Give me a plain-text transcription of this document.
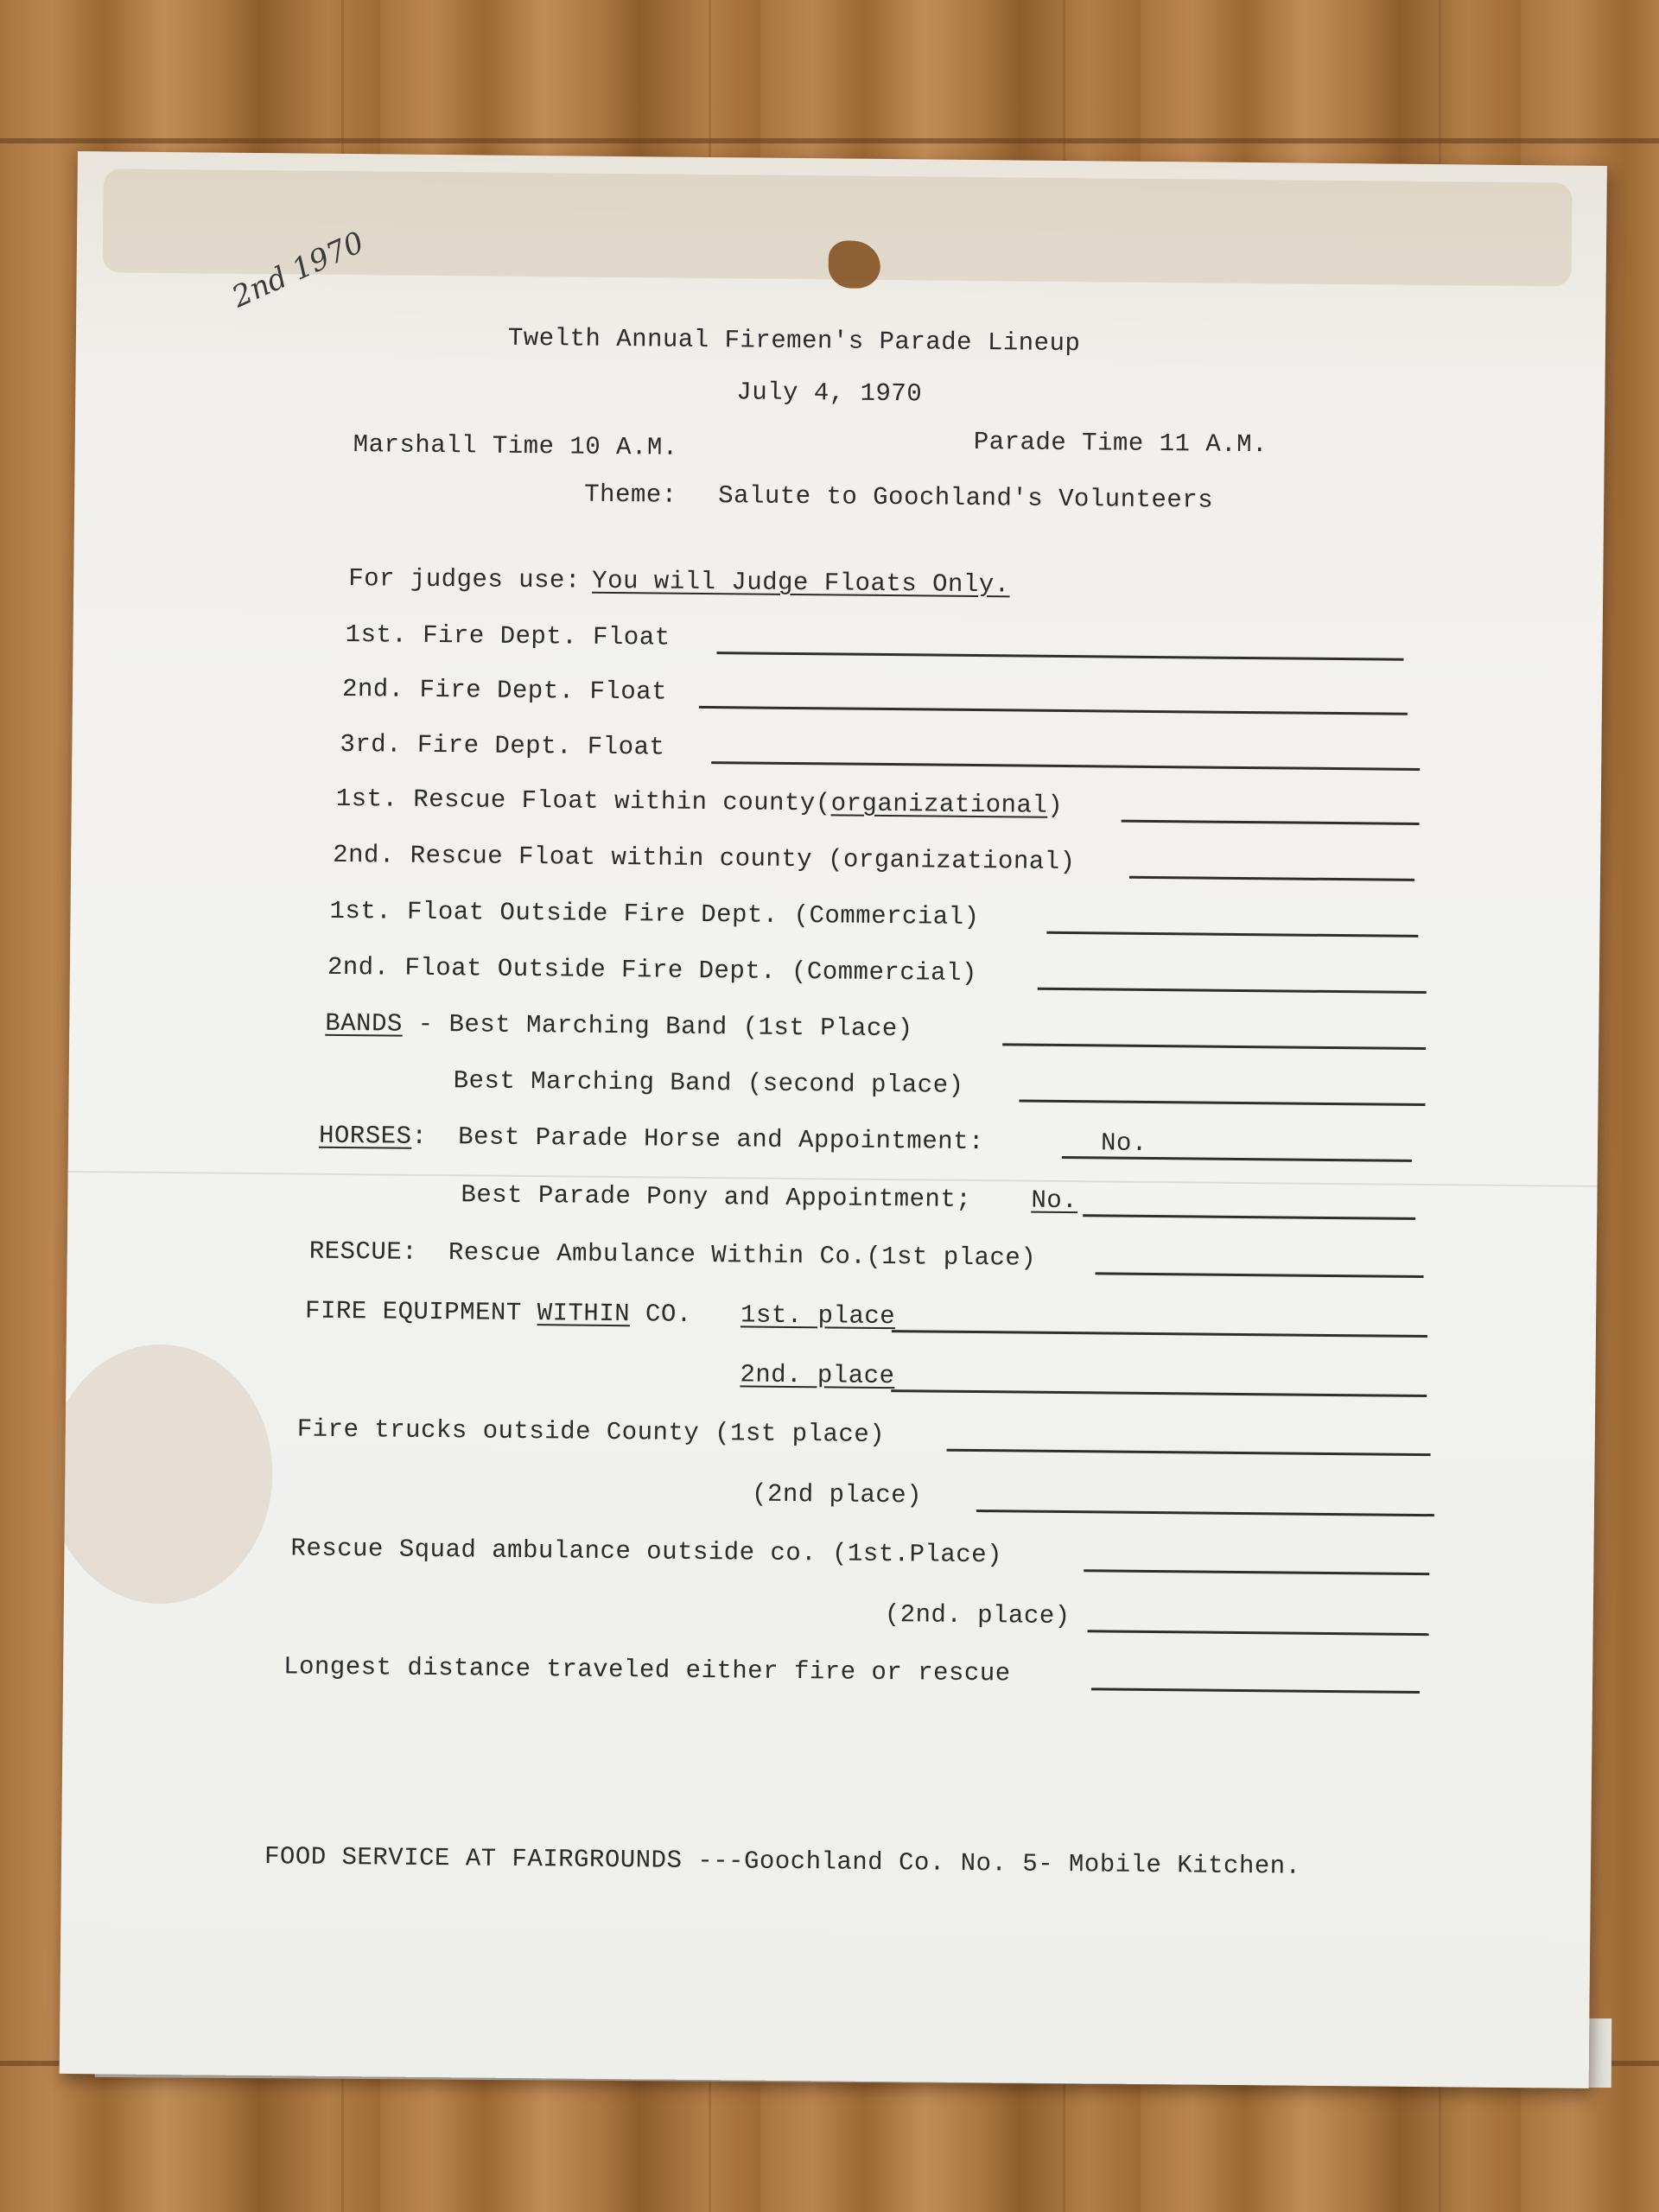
2nd 1970
Twelth Annual Firemen's Parade Lineup
July 4, 1970
Marshall Time 10 A.M.	Parade Time 11 A.M.
Theme: Salute to Goochland's Volunteers
For judges use: You will Judge Floats Only.
1st. Fire Dept. Float
2nd. Fire Dept. Float
3rd. Fire Dept. Float
1st. Rescue Float within county(organizational)
2nd. Rescue Float within county (organizational)
1st. Float Outside Fire Dept. (Commercial)
2nd. Float Outside Fire Dept. (Commercial)
BANDS - Best Marching Band (1st Place)
Best Marching Band (second place)
HORSES:  Best Parade Horse and Appointment:	No.
Best Parade Pony and Appointment; No.
RESCUE:  Rescue Ambulance Within Co.(1st place)
FIRE EQUIPMENT WITHIN CO. 1st. place
2nd. place
Fire trucks outside County (1st place)
(2nd place)
Rescue Squad ambulance outside co. (1st.Place)
(2nd. place)
Longest distance traveled either fire or rescue
FOOD SERVICE AT FAIRGROUNDS ---Goochland Co. No. 5- Mobile Kitchen.
